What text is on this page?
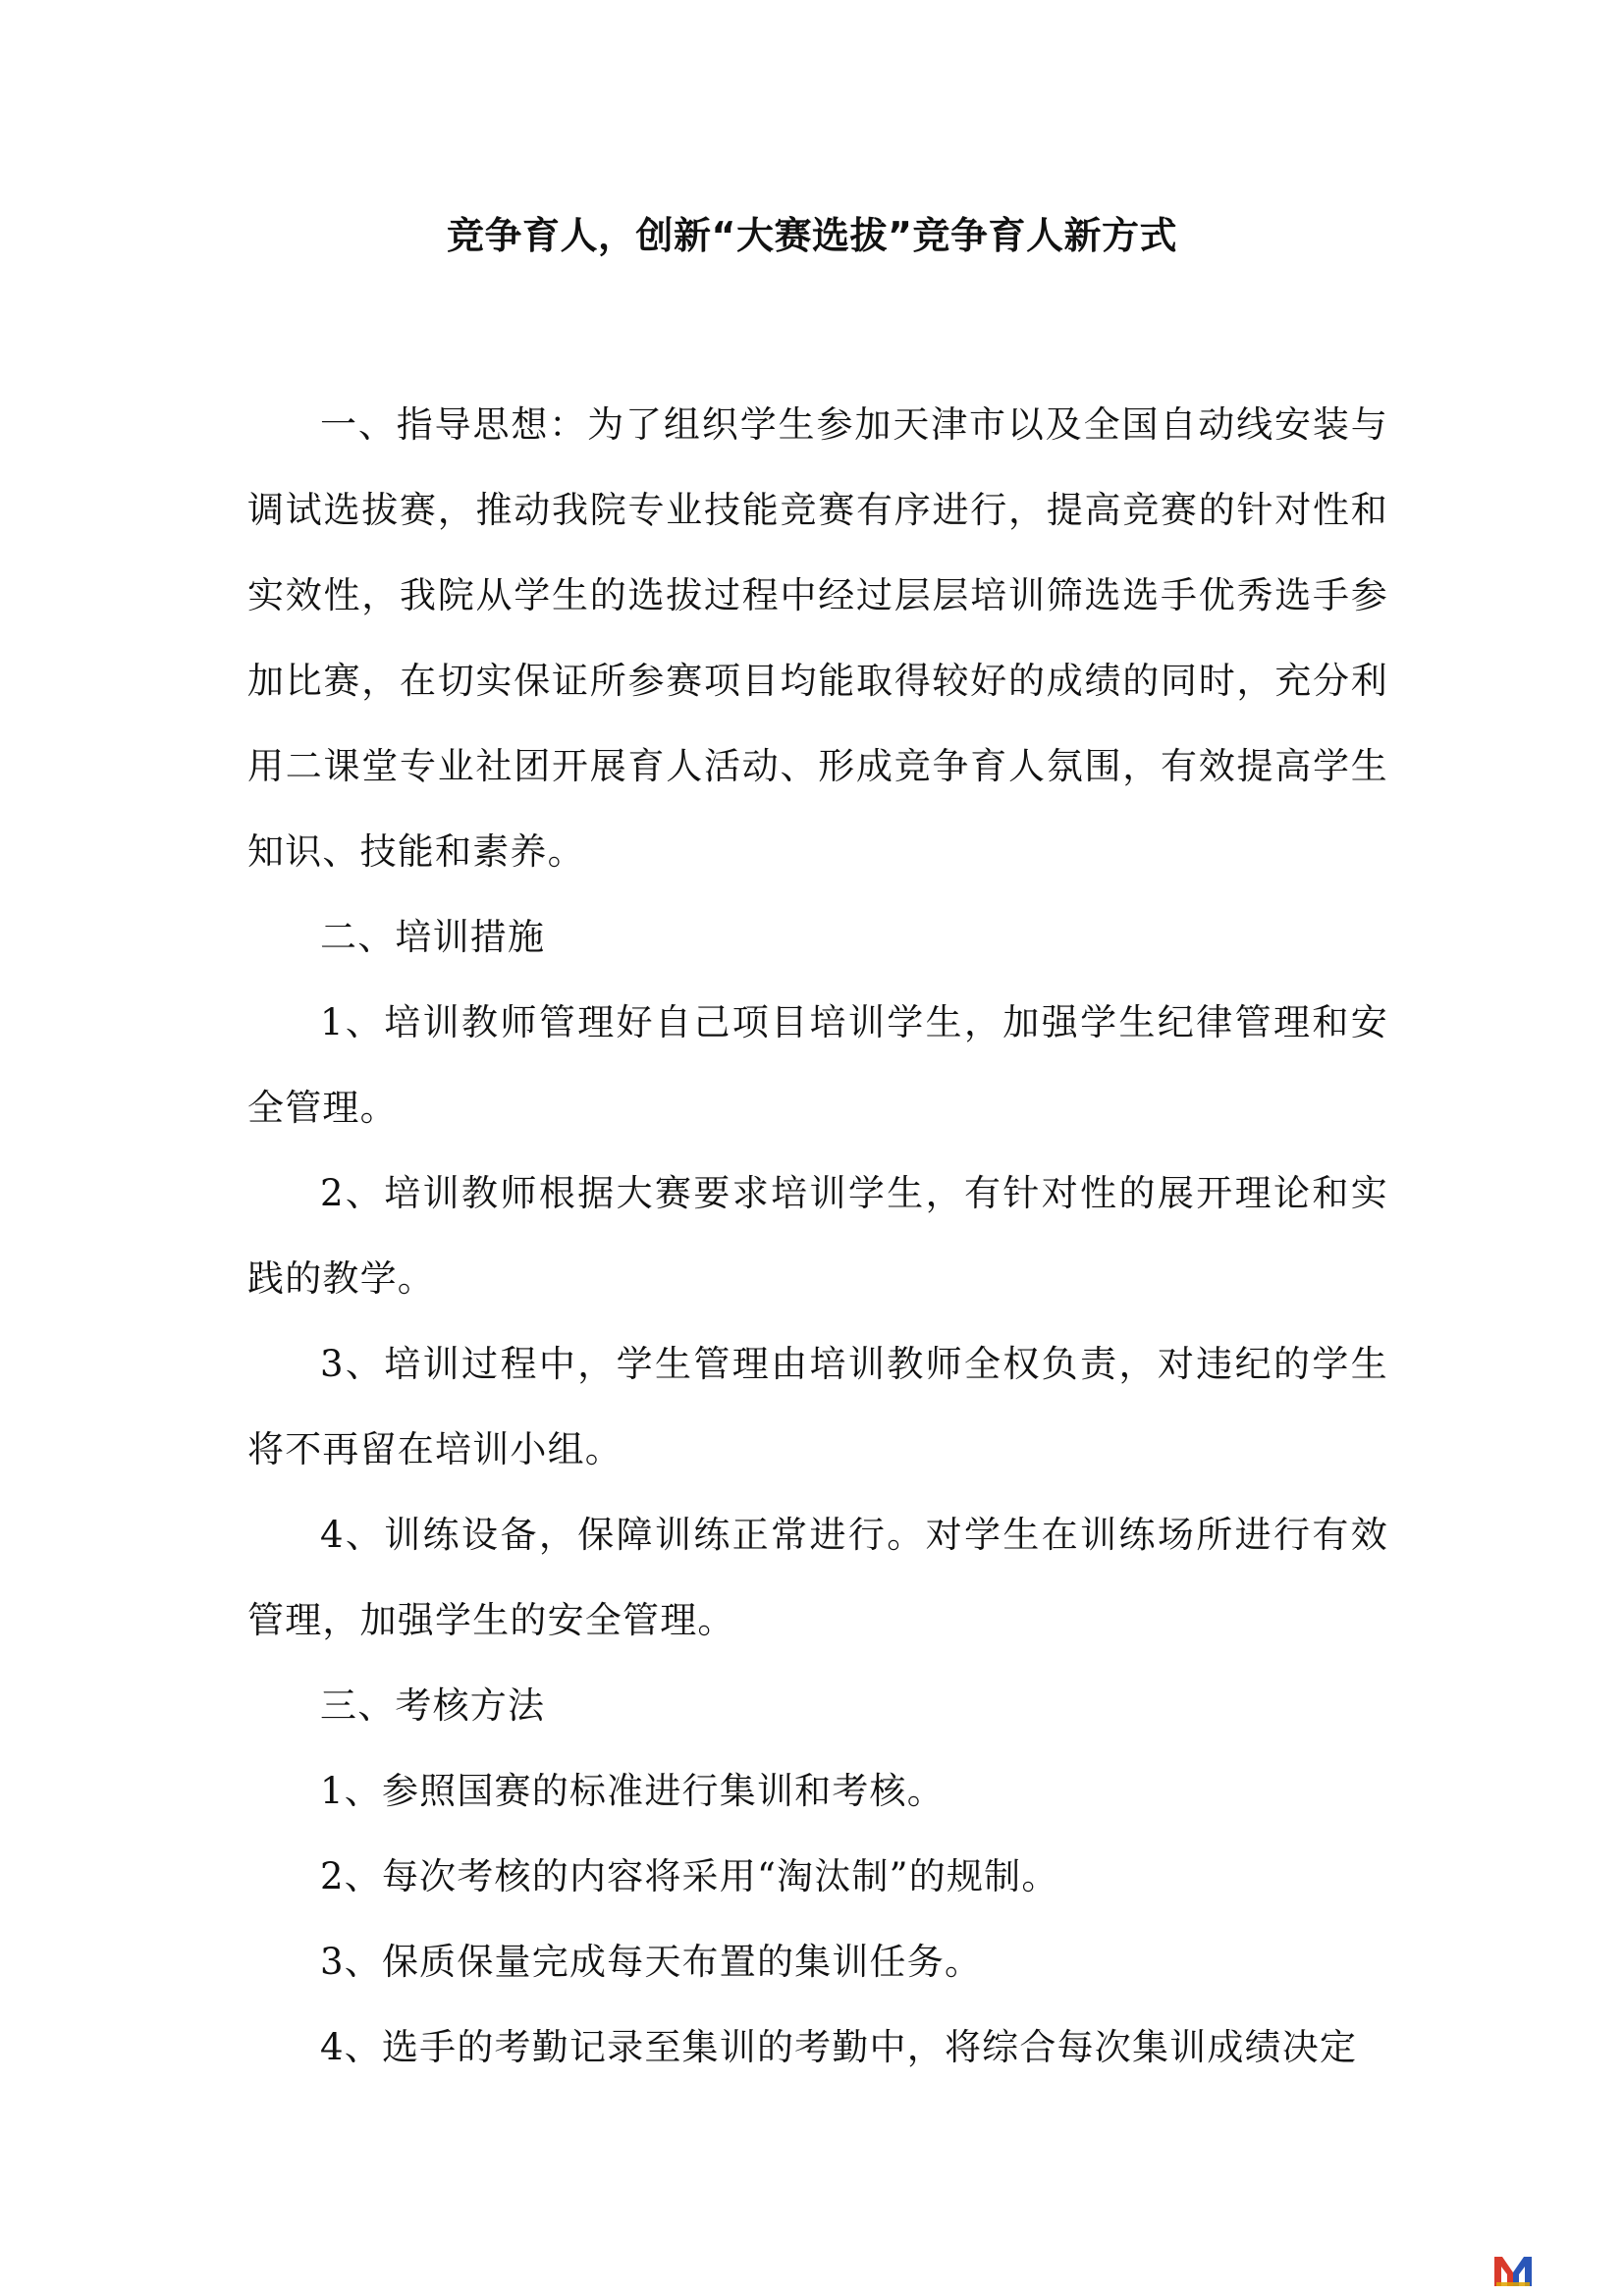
竞争育人，创新“大赛选拔”竞争育人新方式

一、指导思想：为了组织学生参加天津市以及全国自动线安装与调试选拔赛，推动我院专业技能竞赛有序进行，提高竞赛的针对性和实效性，我院从学生的选拔过程中经过层层培训筛选选手优秀选手参加比赛，在切实保证所参赛项目均能取得较好的成绩的同时，充分利用二课堂专业社团开展育人活动、形成竞争育人氛围，有效提高学生知识、技能和素养。

二、培训措施

1、培训教师管理好自己项目培训学生，加强学生纪律管理和安全管理。

2、培训教师根据大赛要求培训学生，有针对性的展开理论和实践的教学。

3、培训过程中，学生管理由培训教师全权负责，对违纪的学生将不再留在培训小组。

4、训练设备，保障训练正常进行。对学生在训练场所进行有效管理，加强学生的安全管理。

三、考核方法

1、参照国赛的标准进行集训和考核。

2、每次考核的内容将采用“淘汰制”的规制。

3、保质保量完成每天布置的集训任务。

4、选手的考勤记录至集训的考勤中，将综合每次集训成绩决定
